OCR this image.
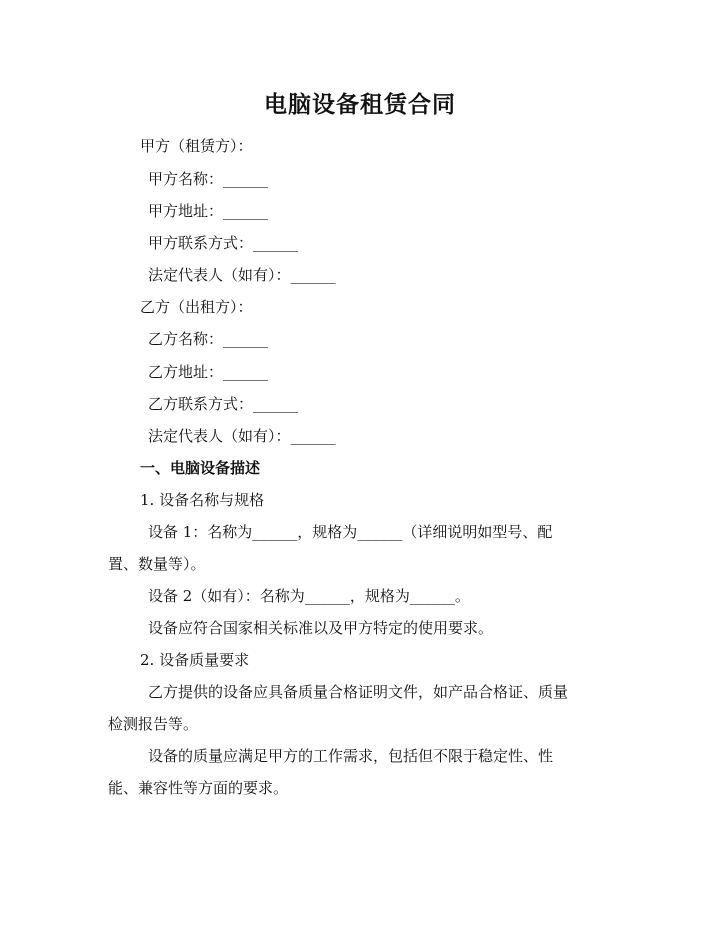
电脑设备租赁合同
甲方（租赁方）：
甲方名称：______
甲方地址：______
甲方联系方式：______
法定代表人（如有）：______
乙方（出租方）：
乙方名称：______
乙方地址：______
乙方联系方式：______
法定代表人（如有）：______
一、电脑设备描述
1. 设备名称与规格
设备 1：名称为______，规格为______（详细说明如型号、配
置、数量等）。
设备 2（如有）：名称为______，规格为______。
设备应符合国家相关标准以及甲方特定的使用要求。
2. 设备质量要求
乙方提供的设备应具备质量合格证明文件，如产品合格证、质量
检测报告等。
设备的质量应满足甲方的工作需求，包括但不限于稳定性、性
能、兼容性等方面的要求。
